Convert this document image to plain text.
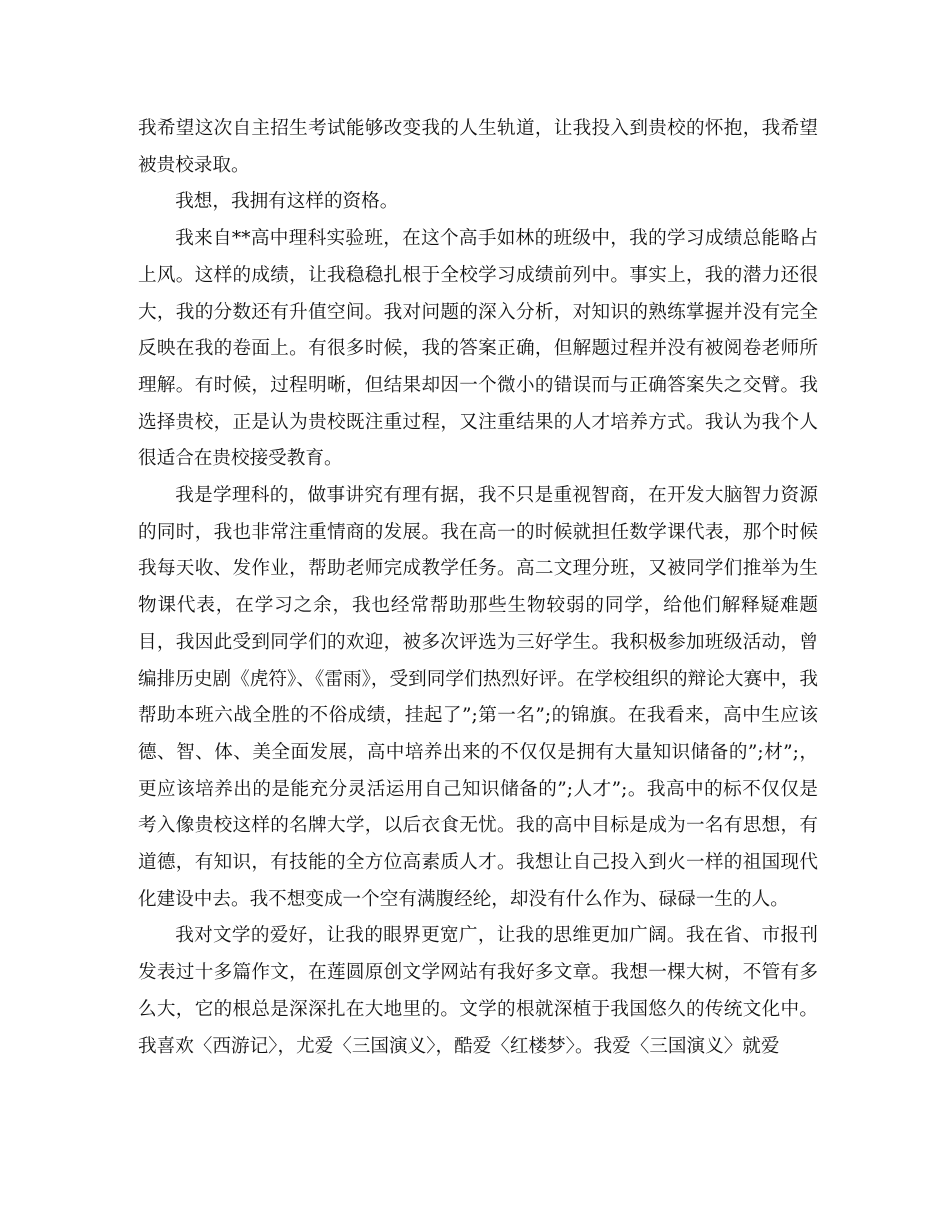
我希望这次自主招生考试能够改变我的人生轨道，让我投入到贵校的怀抱，我希望被贵校录取。

我想，我拥有这样的资格。

我来自**高中理科实验班，在这个高手如林的班级中，我的学习成绩总能略占上风。这样的成绩，让我稳稳扎根于全校学习成绩前列中。事实上，我的潜力还很大，我的分数还有升值空间。我对问题的深入分析，对知识的熟练掌握并没有完全反映在我的卷面上。有很多时候，我的答案正确，但解题过程并没有被阅卷老师所理解。有时候，过程明晰，但结果却因一个微小的错误而与正确答案失之交臂。我选择贵校，正是认为贵校既注重过程，又注重结果的人才培养方式。我认为我个人很适合在贵校接受教育。

我是学理科的，做事讲究有理有据，我不只是重视智商，在开发大脑智力资源的同时，我也非常注重情商的发展。我在高一的时候就担任数学课代表，那个时候我每天收、发作业，帮助老师完成教学任务。高二文理分班，又被同学们推举为生物课代表，在学习之余，我也经常帮助那些生物较弱的同学，给他们解释疑难题目，我因此受到同学们的欢迎，被多次评选为三好学生。我积极参加班级活动，曾编排历史剧《虎符》、《雷雨》，受到同学们热烈好评。在学校组织的辩论大赛中，我帮助本班六战全胜的不俗成绩，挂起了”;第一名”;的锦旗。在我看来，高中生应该德、智、体、美全面发展，高中培养出来的不仅仅是拥有大量知识储备的”;材”;，更应该培养出的是能充分灵活运用自己知识储备的”;人才”;。我高中的标不仅仅是考入像贵校这样的名牌大学，以后衣食无忧。我的高中目标是成为一名有思想，有道德，有知识，有技能的全方位高素质人才。我想让自己投入到火一样的祖国现代化建设中去。我不想变成一个空有满腹经纶，却没有什么作为、碌碌一生的人。

我对文学的爱好，让我的眼界更宽广，让我的思维更加广阔。我在省、市报刊发表过十多篇作文，在莲圆原创文学网站有我好多文章。我想一棵大树，不管有多么大，它的根总是深深扎在大地里的。文学的根就深植于我国悠久的传统文化中。我喜欢〈西游记〉，尤爱〈三国演义〉，酷爱〈红楼梦〉。我爱〈三国演义〉就爱
